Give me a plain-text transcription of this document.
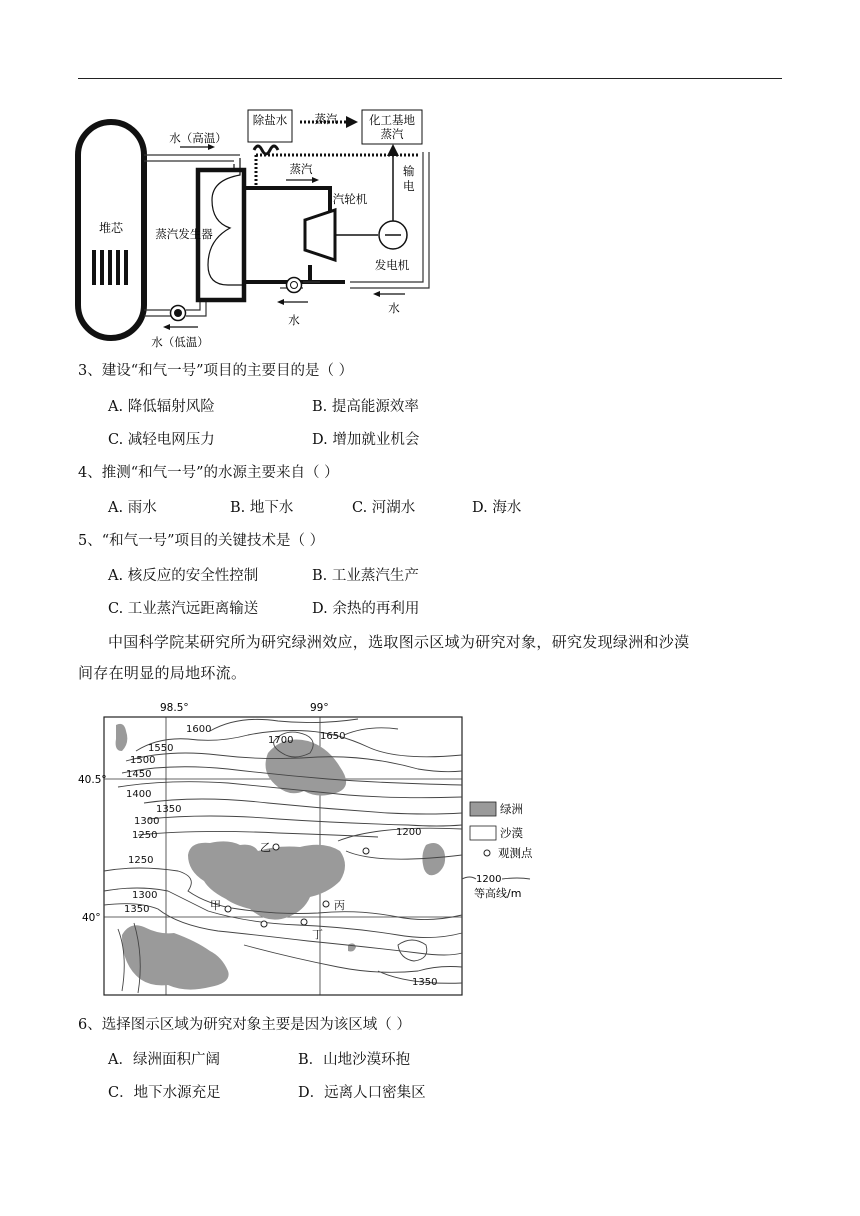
堆芯	蒸汽发生器
汽轮机
发电机
输
电
除盐水	化工基地
蒸汽
水（高温）
蒸汽
蒸汽
水
水
水（低温）
3、建设“和气一号”项目的主要目的是（ ）
A. 降低辐射风险	B. 提高能源效率
C. 减轻电网压力	D. 增加就业机会
4、推测“和气一号”的水源主要来自（ ）
A. 雨水	B. 地下水	C. 河湖水	D. 海水
5、“和气一号”项目的关键技术是（ ）
A. 核反应的安全性控制	B. 工业蒸汽生产
C. 工业蒸汽远距离输送	D. 余热的再利用

中国科学院某研究所为研究绿洲效应，选取图示区域为研究对象，研究发现绿洲和沙漠

间存在明显的局地环流。

98.5°	99°
40.5°
40°
1600
1700	1650
1550
1500
1450
1400
1350
1300
1250	1200
1250
1300
1350
1350
乙
甲	丙
丁
绿洲
沙漠
观测点
1200
等高线/m
6、选择图示区域为研究对象主要是因为该区域（ ）
A．绿洲面积广阔	B．山地沙漠环抱
C．地下水源充足	D．远离人口密集区
